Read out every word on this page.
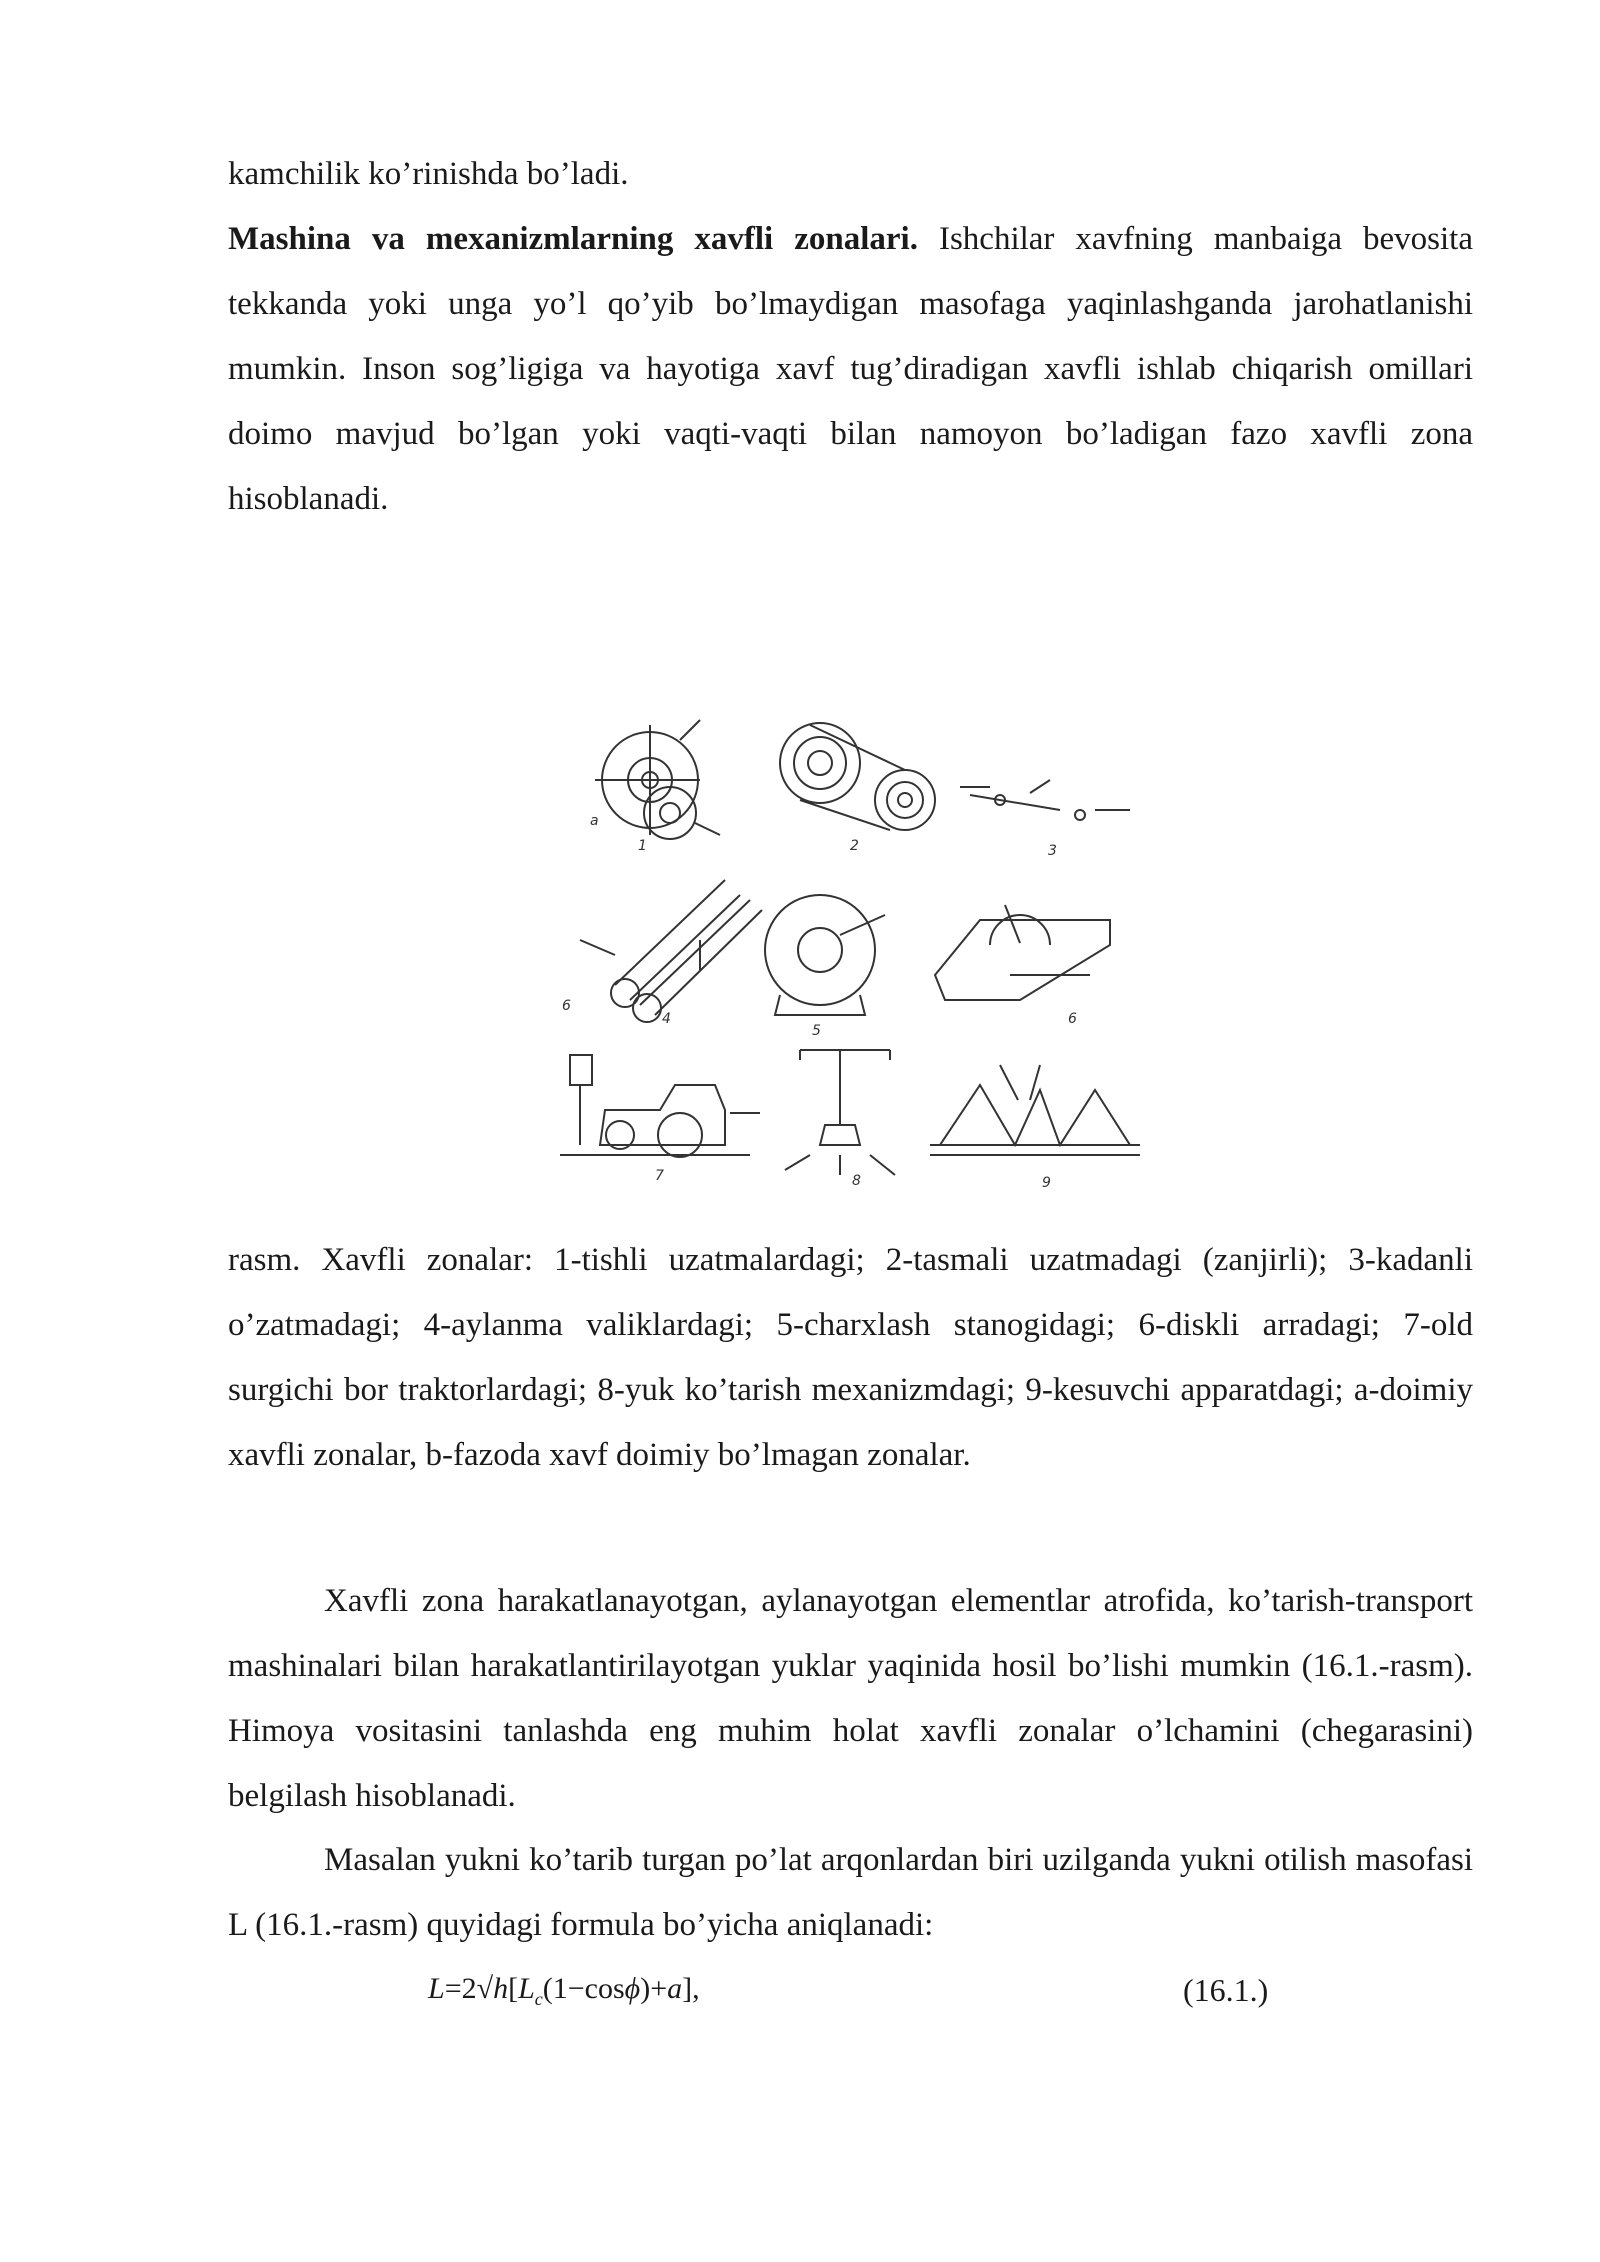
kamchilik ko’rinishda bo’ladi.

Mashina va mexanizmlarning xavfli zonalari. Ishchilar xavfning manbaiga bevosita tekkanda yoki unga yo’l qo’yib bo’lmaydigan masofaga yaqinlashganda jarohatlanishi mumkin. Inson sog’ligiga va hayotiga xavf tug’diradigan xavfli ishlab chiqarish omillari doimo mavjud bo’lgan yoki vaqti-vaqti bilan namoyon bo’ladigan fazo xavfli zona hisoblanadi.

rasm. Xavfli zonalar: 1-tishli uzatmalardagi; 2-tasmali uzatmadagi (zanjirli); 3-kadanli o’zatmadagi; 4-aylanma valiklardagi; 5-charxlash stanogidagi; 6-diskli arradagi; 7-old surgichi bor traktorlardagi; 8-yuk ko’tarish mexanizmdagi; 9-kesuvchi apparatdagi; a-doimiy xavfli zonalar, b-fazoda xavf doimiy bo’lmagan zonalar.

Xavfli zona harakatlanayotgan, aylanayotgan elementlar atrofida, ko’tarish-transport mashinalari bilan harakatlantirilayotgan yuklar yaqinida hosil bo’lishi mumkin (16.1.-rasm). Himoya vositasini tanlashda eng muhim holat xavfli zonalar o’lchamini (chegarasini) belgilash hisoblanadi.

Masalan yukni ko’tarib turgan po’lat arqonlardan biri uzilganda yukni otilish masofasi L (16.1.-rasm) quyidagi formula bo’yicha aniqlanadi:

$L=2√h[L_c(1-\cos\phi)+a]$,	(16.1.)
a
1	2	3
6
4
5
6
7	8	9
